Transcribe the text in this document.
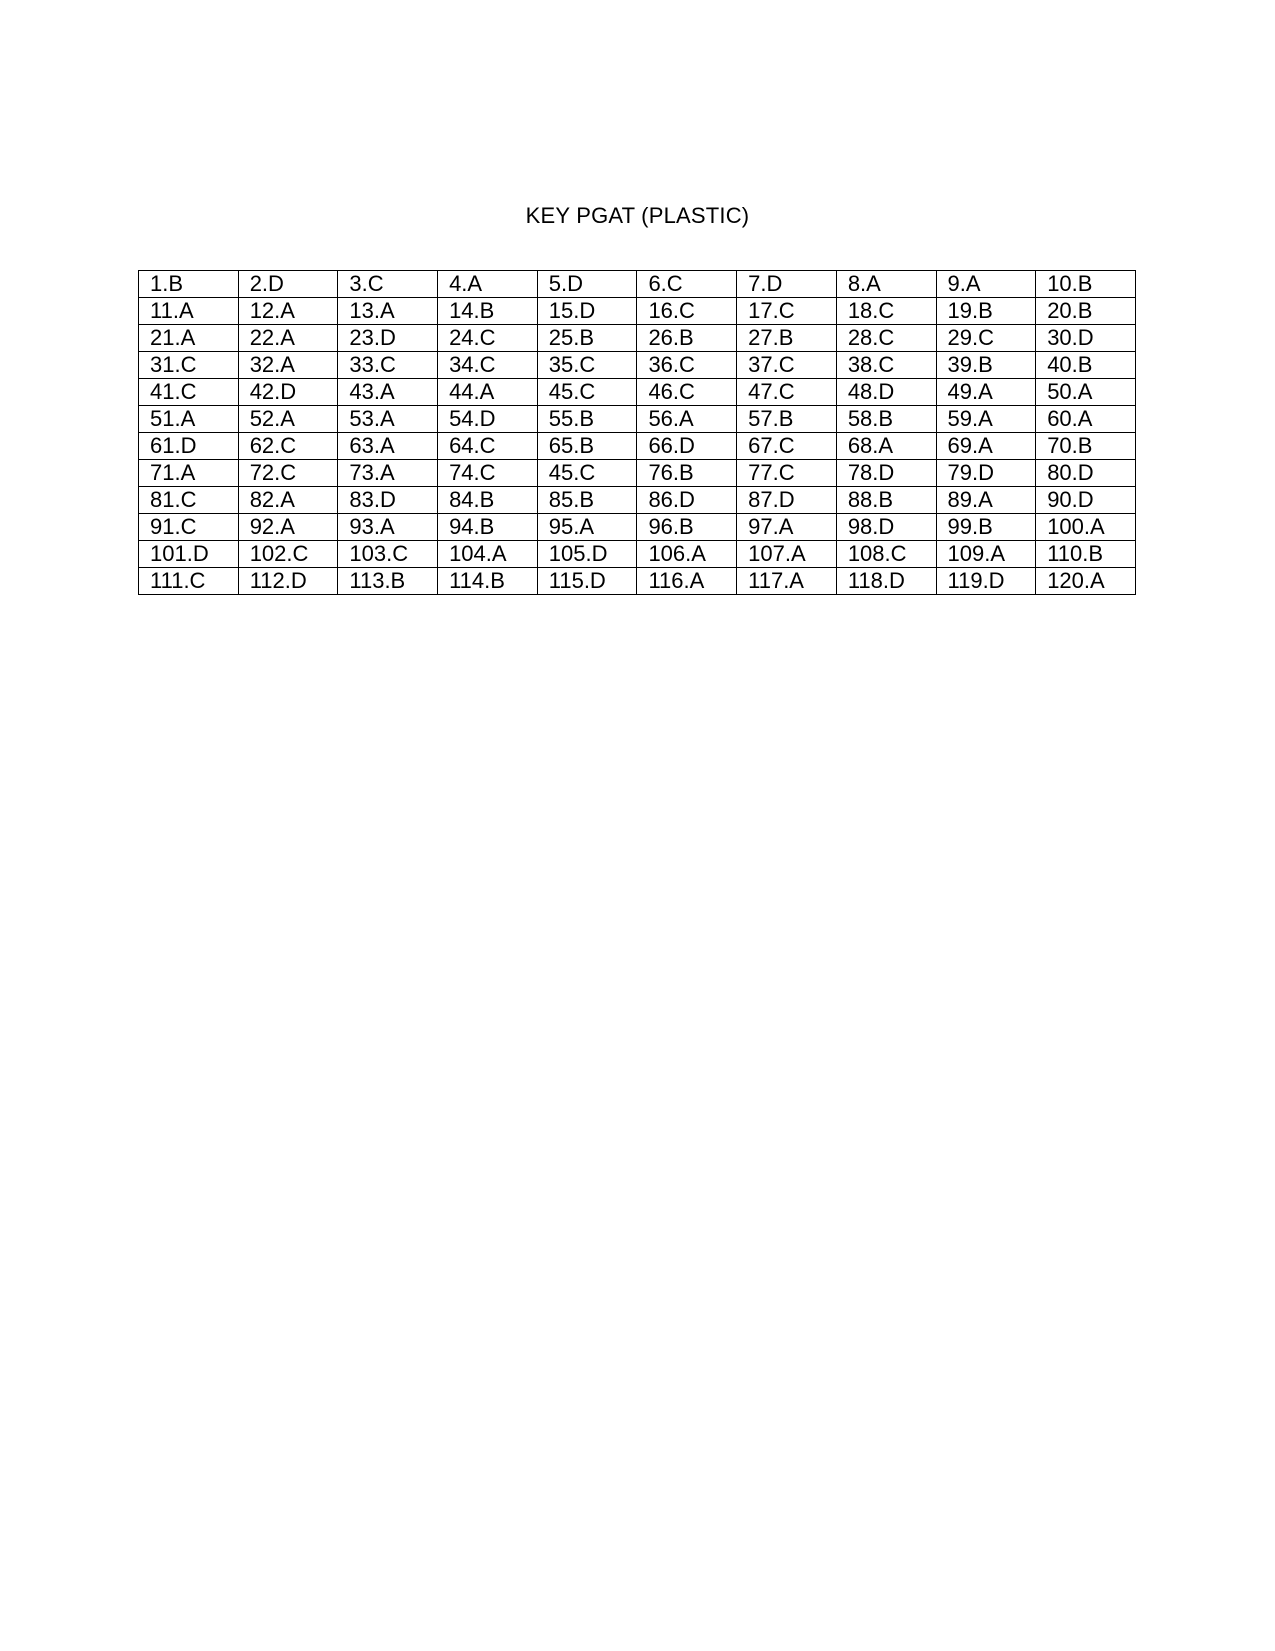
KEY PGAT (PLASTIC)
1.B	2.D	3.C	4.A	5.D	6.C	7.D	8.A	9.A	10.B
11.A	12.A	13.A	14.B	15.D	16.C	17.C	18.C	19.B	20.B
21.A	22.A	23.D	24.C	25.B	26.B	27.B	28.C	29.C	30.D
31.C	32.A	33.C	34.C	35.C	36.C	37.C	38.C	39.B	40.B
41.C	42.D	43.A	44.A	45.C	46.C	47.C	48.D	49.A	50.A
51.A	52.A	53.A	54.D	55.B	56.A	57.B	58.B	59.A	60.A
61.D	62.C	63.A	64.C	65.B	66.D	67.C	68.A	69.A	70.B
71.A	72.C	73.A	74.C	45.C	76.B	77.C	78.D	79.D	80.D
81.C	82.A	83.D	84.B	85.B	86.D	87.D	88.B	89.A	90.D
91.C	92.A	93.A	94.B	95.A	96.B	97.A	98.D	99.B	100.A
101.D	102.C	103.C	104.A	105.D	106.A	107.A	108.C	109.A	110.B
111.C	112.D	113.B	114.B	115.D	116.A	117.A	118.D	119.D	120.A
